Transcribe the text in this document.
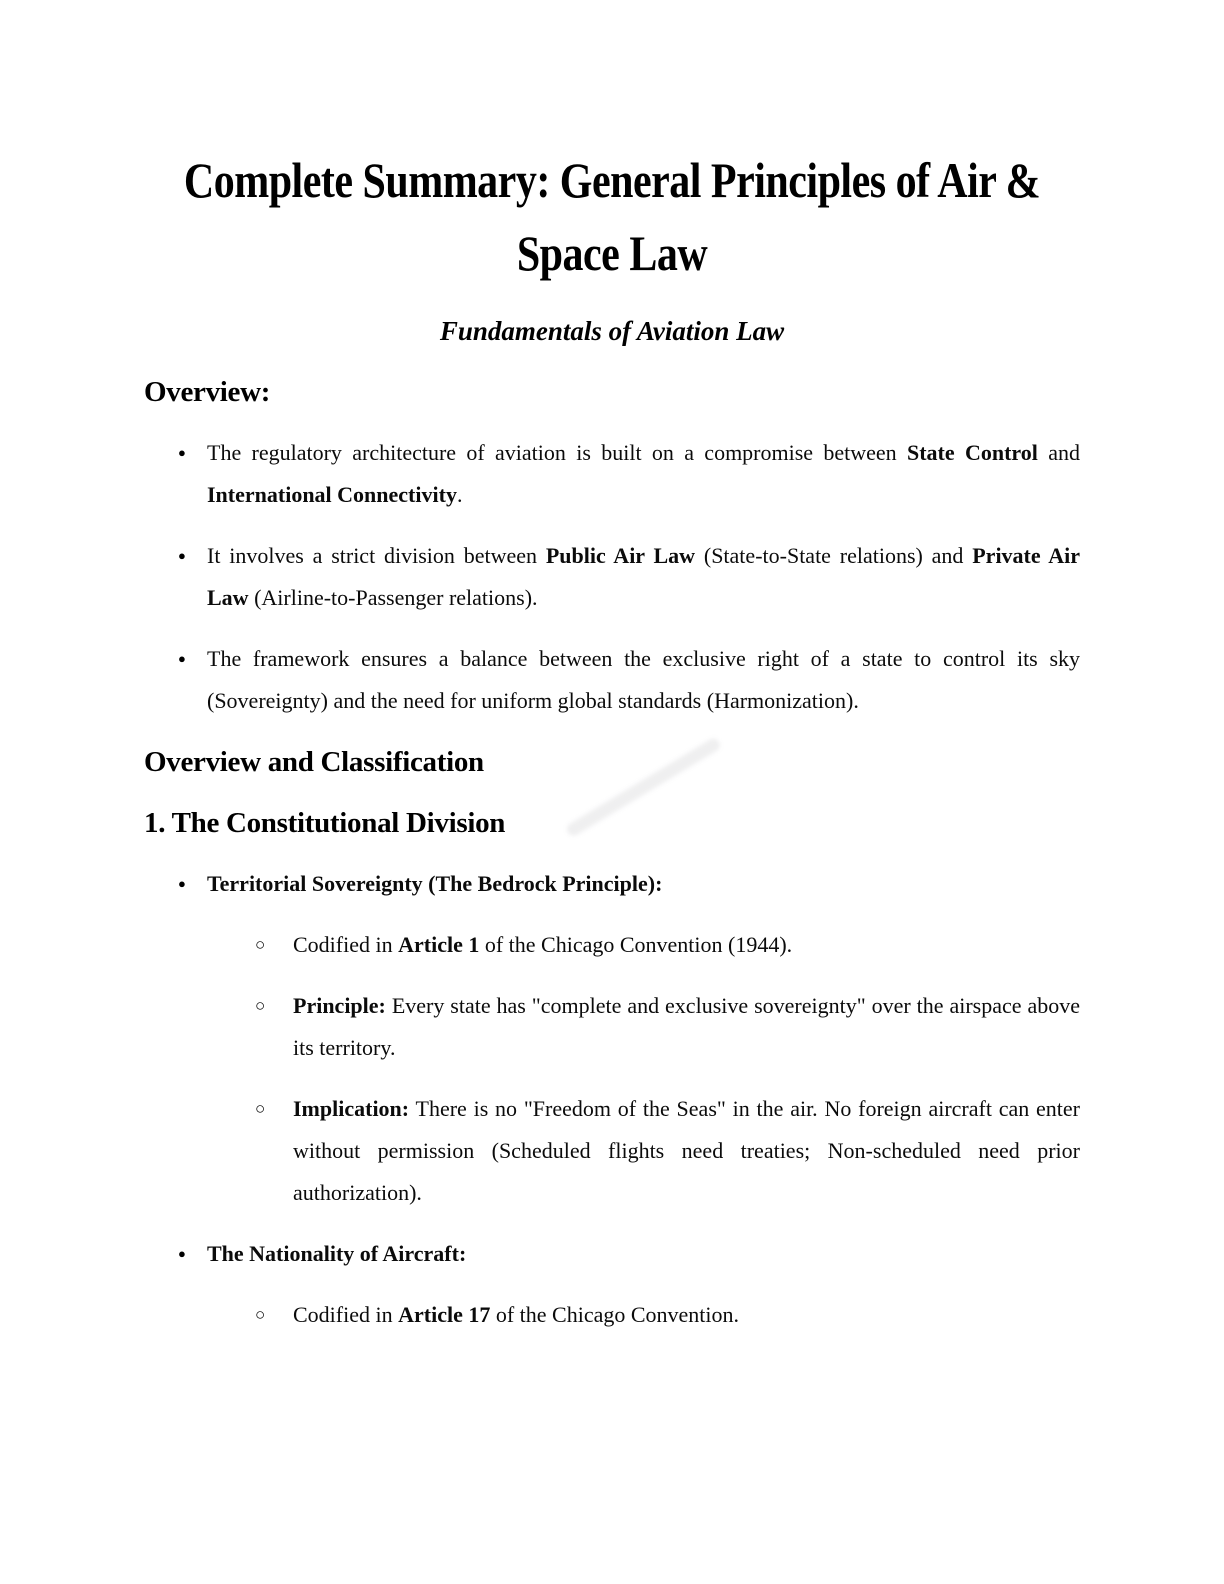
Complete Summary: General Principles of Air &
Space Law

Fundamentals of Aviation Law

Overview:
● The regulatory architecture of aviation is built on a compromise between State Control and International Connectivity.
● It involves a strict division between Public Air Law (State-to-State relations) and Private Air Law (Airline-to-Passenger relations).
● The framework ensures a balance between the exclusive right of a state to control its sky (Sovereignty) and the need for uniform global standards (Harmonization).
Overview and Classification
1. The Constitutional Division
● Territorial Sovereignty (The Bedrock Principle):
○ Codified in Article 1 of the Chicago Convention (1944).
○ Principle: Every state has "complete and exclusive sovereignty" over the airspace above its territory.
○ Implication: There is no "Freedom of the Seas" in the air. No foreign aircraft can enter without permission (Scheduled flights need treaties; Non-scheduled need prior authorization).
● The Nationality of Aircraft:
○ Codified in Article 17 of the Chicago Convention.
